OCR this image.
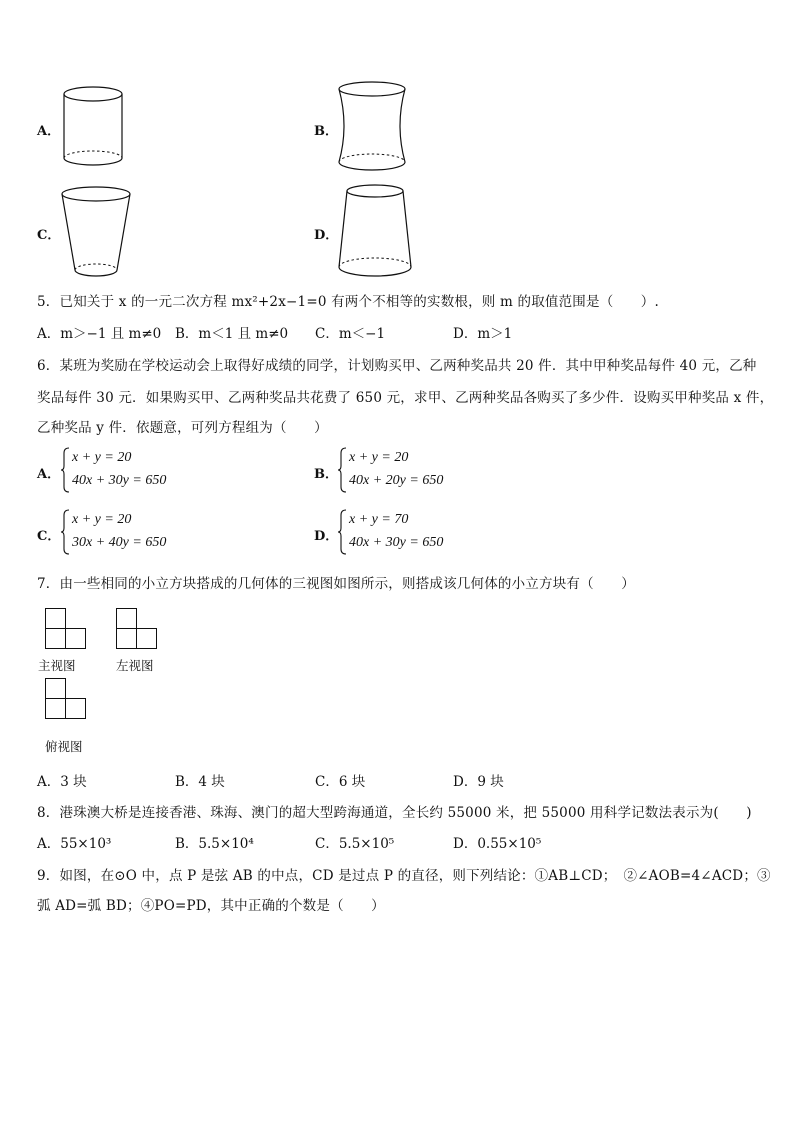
A．	B．
C．	D．
5．已知关于 x 的一元二次方程 mx²+2x−1=0 有两个不相等的实数根，则 m 的取值范围是（　　）.
A．m＞−1 且 m≠0 B．m＜1 且 m≠0 C．m＜−1	D．m＞1
6．某班为奖励在学校运动会上取得好成绩的同学，计划购买甲、乙两种奖品共 20 件．其中甲种奖品每件 40 元，乙种
奖品每件 30 元．如果购买甲、乙两种奖品共花费了 650 元，求甲、乙两种奖品各购买了多少件．设购买甲种奖品 x 件，
乙种奖品 y 件．依题意，可列方程组为（　　）
A．
x + y = 20
40x + 30y = 650	B．
x + y = 20
40x + 20y = 650
C．
x + y = 20
30x + 40y = 650	D．
x + y = 70
40x + 30y = 650
7．由一些相同的小立方块搭成的几何体的三视图如图所示，则搭成该几何体的小立方块有（　　）
主视图	左视图
俯视图
A．3 块	B．4 块	C．6 块	D．9 块
8．港珠澳大桥是连接香港、珠海、澳门的超大型跨海通道，全长约 55000 米，把 55000 用科学记数法表示为(　　)
A．55×10³	B．5.5×10⁴	C．5.5×10⁵	D．0.55×10⁵
9．如图，在⊙O 中，点 P 是弦 AB 的中点，CD 是过点 P 的直径，则下列结论：①AB⊥CD；　②∠AOB=4∠ACD；③
弧 AD=弧 BD；④PO=PD，其中正确的个数是（　　）
